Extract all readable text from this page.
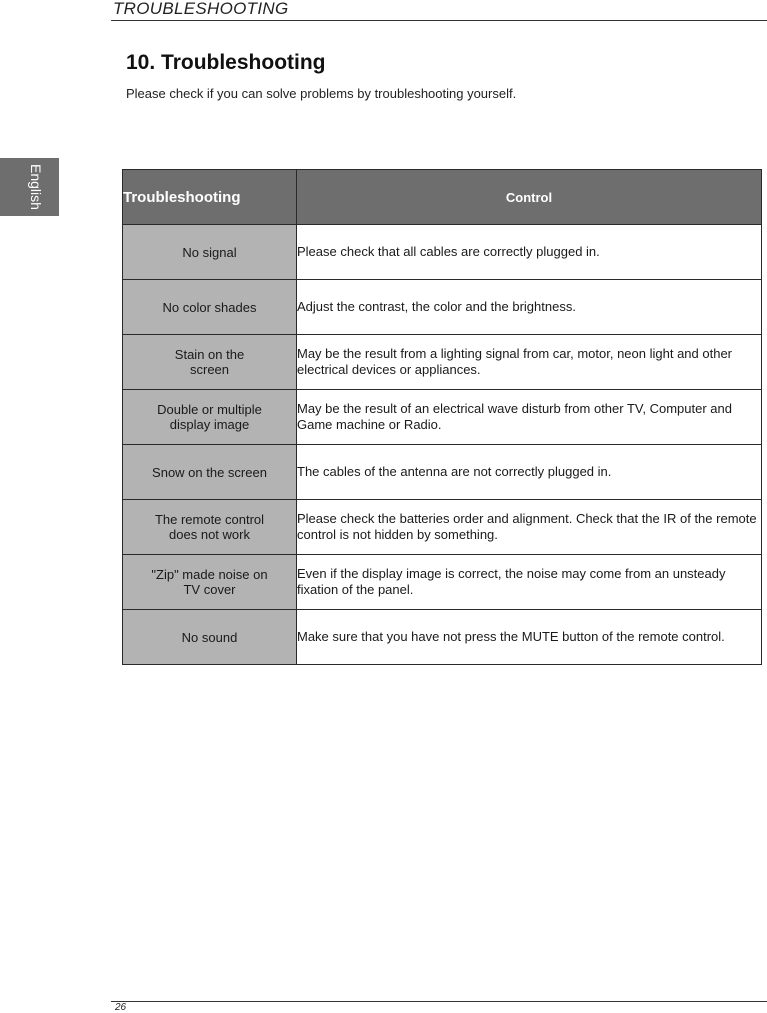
TROUBLESHOOTING
10. Troubleshooting
Please check if you can solve problems by troubleshooting yourself.
English	Troubleshooting	Control
No signal	Please check that all cables are correctly plugged in.
No color shades	Adjust the contrast, the color and the brightness.
Stain on the
screen	May be the result from a lighting signal from car, motor, neon light and other electrical devices or appliances.
Double or multiple
display image	May be the result of an electrical wave disturb from other TV, Computer and Game machine or Radio.
Snow on the screen	The cables of the antenna are not correctly plugged in.
The remote control
does not work	Please check the batteries order and alignment. Check that the IR of the remote control is not hidden by something.
"Zip" made noise on
TV cover	Even if the display image is correct, the noise may come from an unsteady fixation of the panel.
No sound	Make sure that you have not press the MUTE button of the remote control.
26
